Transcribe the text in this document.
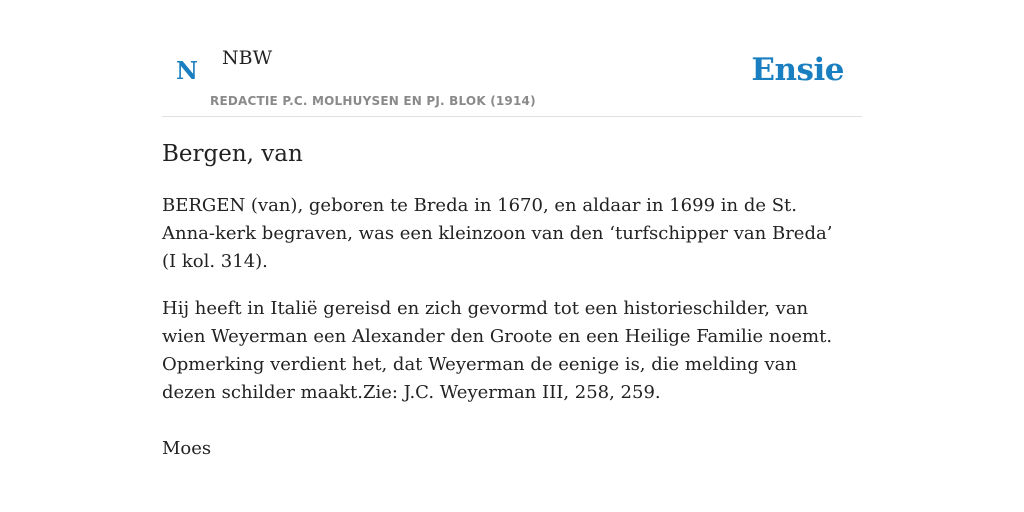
N NBW
REDACTIE P.C. MOLHUYSEN EN PJ. BLOK (1914)
Ensie
Bergen, van

BERGEN (van), geboren te Breda in 1670, en aldaar in 1699 in de St. Anna-kerk begraven, was een kleinzoon van den ‘turfschipper van Breda’ (I kol. 314).

Hij heeft in Italië gereisd en zich gevormd tot een historieschilder, van wien Weyerman een Alexander den Groote en een Heilige Familie noemt. Opmerking verdient het, dat Weyerman de eenige is, die melding van dezen schilder maakt.Zie: J.C. Weyerman III, 258, 259.

Moes
